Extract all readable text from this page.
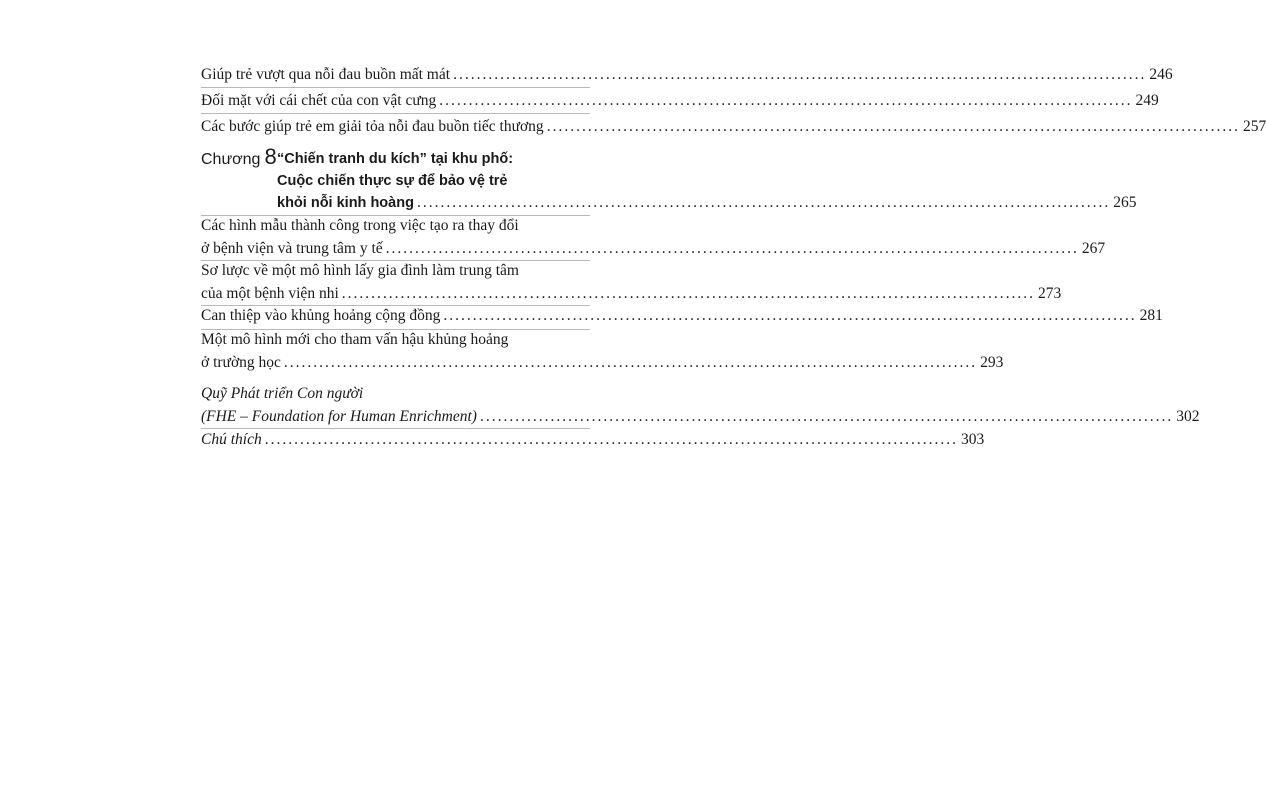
Giúp trẻ vượt qua nỗi đau buồn mất mát ...................................................................................................................... 246
Đối mặt với cái chết của con vật cưng ...................................................................................................................... 249
Các bước giúp trẻ em giải tỏa nỗi đau buồn tiếc thương ...................................................................................................................... 257
Chương 8 “Chiến tranh du kích” tại khu phố:
Cuộc chiến thực sự để bảo vệ trẻ
khỏi nỗi kinh hoàng ...................................................................................................................... 265
Các hình mẫu thành công trong việc tạo ra thay đổi
ở bệnh viện và trung tâm y tế ...................................................................................................................... 267
Sơ lược về một mô hình lấy gia đình làm trung tâm
của một bệnh viện nhi ...................................................................................................................... 273
Can thiệp vào khủng hoảng cộng đồng ...................................................................................................................... 281
Một mô hình mới cho tham vấn hậu khủng hoảng
ở trường học ...................................................................................................................... 293
Quỹ Phát triển Con người
(FHE – Foundation for Human Enrichment) ...................................................................................................................... 302
Chú thích ...................................................................................................................... 303
